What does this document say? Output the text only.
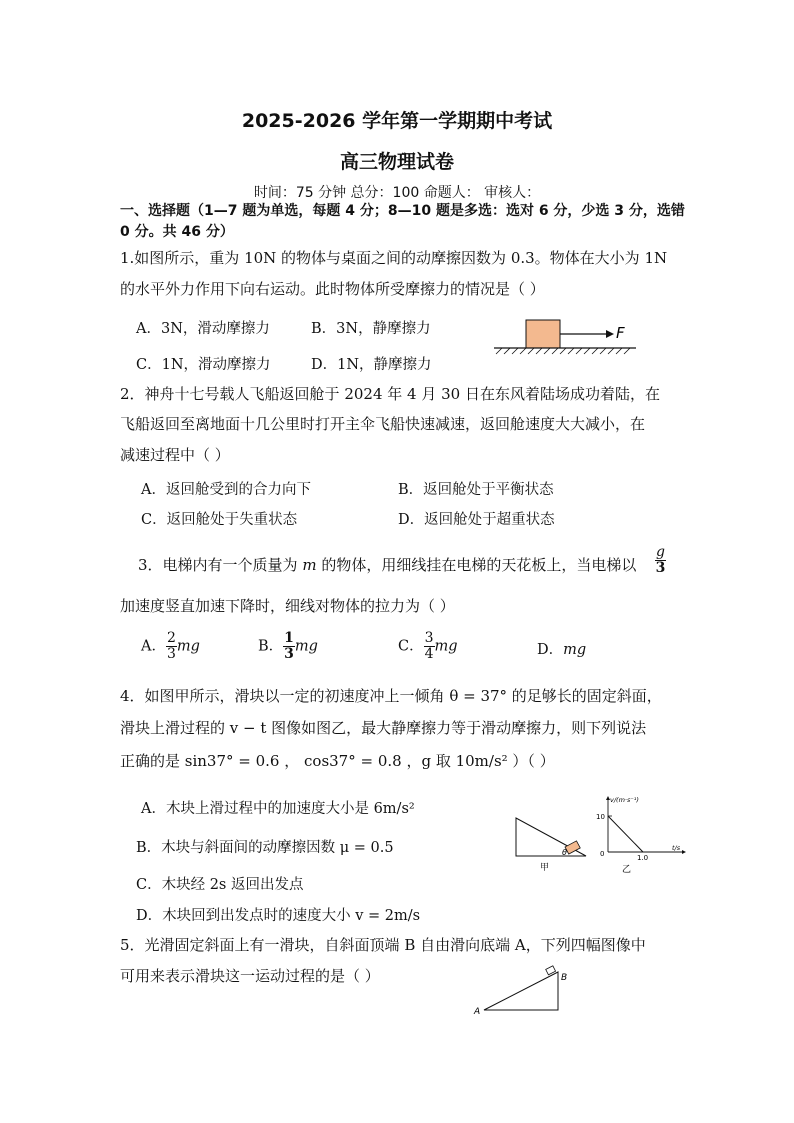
2025-2026 学年第一学期期中考试
高三物理试卷
时间：75 分钟 总分：100 命题人： 审核人：
一、选择题（1—7 题为单选，每题 4 分；8—10 题是多选：选对 6 分，少选 3 分，选错
0 分。共 46 分）
1.如图所示，重为 10N 的物体与桌面之间的动摩擦因数为 0.3。物体在大小为 1N
的水平外力作用下向右运动。此时物体所受摩擦力的情况是（ ）
A．3N，滑动摩擦力	B．3N，静摩擦力
C．1N，滑动摩擦力	D．1N，静摩擦力
F
2．神舟十七号载人飞船返回舱于 2024 年 4 月 30 日在东风着陆场成功着陆，在
飞船返回至离地面十几公里时打开主伞飞船快速减速，返回舱速度大大减小，在
减速过程中（ ）
A．返回舱受到的合力向下	B．返回舱处于平衡状态
C．返回舱处于失重状态	D．返回舱处于超重状态
3．电梯内有一个质量为 m 的物体，用细线挂在电梯的天花板上，当电梯以	$\frac{g}{3}$
加速度竖直加速下降时，细线对物体的拉力为（ ）
A． $\frac{2}{3}$ mg	B． $\frac{1}{3}$ mg	C． $\frac{3}{4}$ mg	D．mg
4．如图甲所示，滑块以一定的初速度冲上一倾角 θ = 37° 的足够长的固定斜面，
滑块上滑过程的 v − t 图像如图乙，最大静摩擦力等于滑动摩擦力，则下列说法
正确的是 sin37° = 0.6 ， cos37° = 0.8 ，g 取 10m/s² ）（ ）
A．木块上滑过程中的加速度大小是 6m/s²
B．木块与斜面间的动摩擦因数 μ = 0.5
C．木块经 2s 返回出发点
D．木块回到出发点时的速度大小 v = 2m/s
θ
甲
v/(m·s⁻¹)
t/s
10
1.0
0
乙
5．光滑固定斜面上有一滑块，自斜面顶端 B 自由滑向底端 A，下列四幅图像中
可用来表示滑块这一运动过程的是（ ）
A
B
